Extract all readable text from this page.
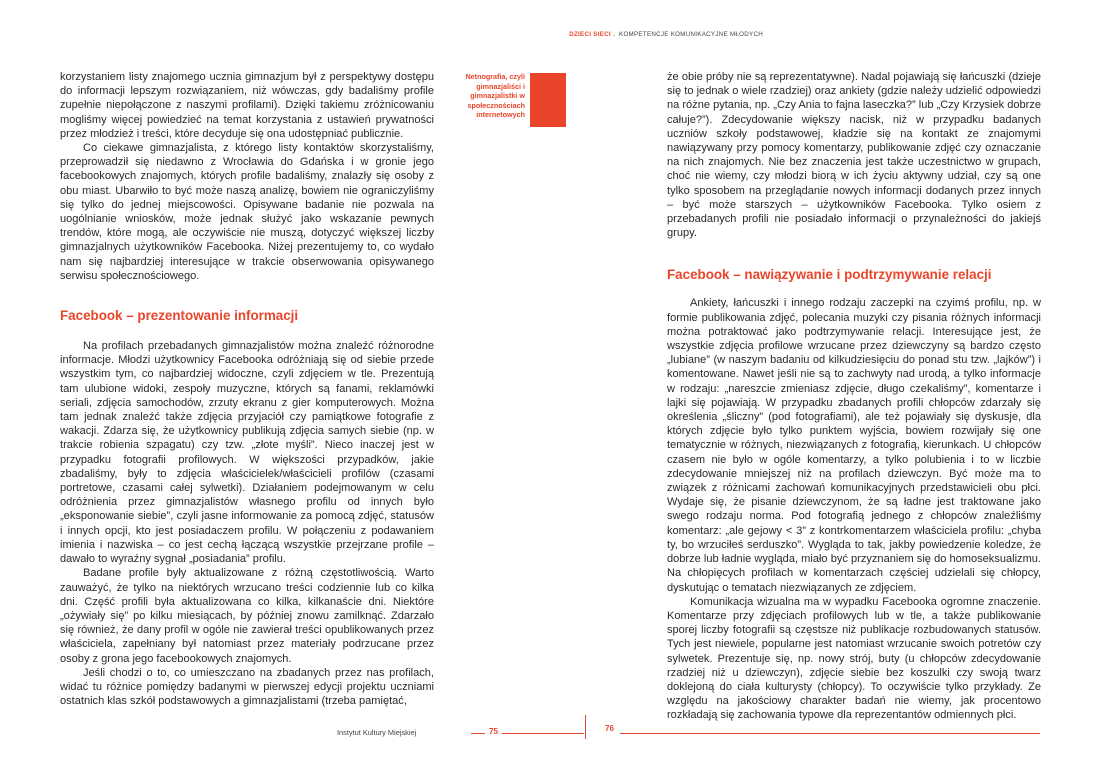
korzystaniem listy znajomego ucznia gimnazjum był z perspektywy dostępu do informacji lepszym rozwiązaniem, niż wówczas, gdy badaliśmy profile zupełnie niepołączone z naszymi profilami). Dzięki takiemu zróżnicowaniu mogliśmy więcej powiedzieć na temat korzystania z ustawień prywatności przez młodzież i treści, które decyduje się ona udostępniać publicznie.

Co ciekawe gimnazjalista, z którego listy kontaktów skorzystaliśmy, przeprowadził się niedawno z Wrocławia do Gdańska i w gronie jego facebookowych znajomych, których profile badaliśmy, znalazły się osoby z obu miast. Ubarwiło to być może naszą analizę, bowiem nie ograniczyliśmy się tylko do jednej miejscowości. Opisywane badanie nie pozwala na uogólnianie wniosków, może jednak służyć jako wskazanie pewnych trendów, które mogą, ale oczywiście nie muszą, dotyczyć większej liczby gimnazjalnych użytkowników Facebooka. Niżej prezentujemy to, co wydało nam się najbardziej interesujące w trakcie obserwowania opisywanego serwisu społecznościowego.

Facebook – prezentowanie informacji

Na profilach przebadanych gimnazjalistów można znaleźć różnorodne informacje. Młodzi użytkownicy Facebooka odróżniają się od siebie przede wszystkim tym, co najbardziej widoczne, czyli zdjęciem w tle. Prezentują tam ulubione widoki, zespoły muzyczne, których są fanami, reklamówki seriali, zdjęcia samochodów, zrzuty ekranu z gier komputerowych. Można tam jednak znaleźć także zdjęcia przyjaciół czy pamiątkowe fotografie z wakacji. Zdarza się, że użytkownicy publikują zdjęcia samych siebie (np. w trakcie robienia szpagatu) czy tzw. „złote myśli”. Nieco inaczej jest w przypadku fotografii profilowych. W większości przypadków, jakie zbadaliśmy, były to zdjęcia właścicielek/właścicieli profilów (czasami portretowe, czasami całej sylwetki). Działaniem podejmowanym w celu odróżnienia przez gimnazjalistów własnego profilu od innych było „eksponowanie siebie”, czyli jasne informowanie za pomocą zdjęć, statusów i innych opcji, kto jest posiadaczem profilu. W połączeniu z podawaniem imienia i nazwiska – co jest cechą łączącą wszystkie przejrzane profile – dawało to wyraźny sygnał „posiadania” profilu.

Badane profile były aktualizowane z różną częstotliwością. Warto zauważyć, że tylko na niektórych wrzucano treści codziennie lub co kilka dni. Część profili była aktualizowana co kilka, kilkanaście dni. Niektóre „ożywiały się” po kilku miesiącach, by później znowu zamilknąć. Zdarzało się również, że dany profil w ogóle nie zawierał treści opublikowanych przez właściciela, zapełniany był natomiast przez materiały podrzucane przez osoby z grona jego facebookowych znajomych.

Jeśli chodzi o to, co umieszczano na zbadanych przez nas profilach, widać tu różnice pomiędzy badanymi w pierwszej edycji projektu uczniami ostatnich klas szkół podstawowych a gimnazjalistami (trzeba pamiętać,

Netnografia, czyli gimnazjaliści i gimnazjalistki w społecznościach internetowych
Instytut Kultury Miejskiej	75
DZIECI SIECI . KOMPETENCJE KOMUNIKACYJNE MŁODYCH

że obie próby nie są reprezentatywne). Nadal pojawiają się łańcuszki (dzieje się to jednak o wiele rzadziej) oraz ankiety (gdzie należy udzielić odpowiedzi na różne pytania, np. „Czy Ania to fajna laseczka?” lub „Czy Krzysiek dobrze całuje?”). Zdecydowanie większy nacisk, niż w przypadku badanych uczniów szkoły podstawowej, kładzie się na kontakt ze znajomymi nawiązywany przy pomocy komentarzy, publikowanie zdjęć czy oznaczanie na nich znajomych. Nie bez znaczenia jest także uczestnictwo w grupach, choć nie wiemy, czy młodzi biorą w ich życiu aktywny udział, czy są one tylko sposobem na przeglądanie nowych informacji dodanych przez innych – być może starszych – użytkowników Facebooka. Tylko osiem z przebadanych profili nie posiadało informacji o przynależności do jakiejś grupy.

Facebook – nawiązywanie i podtrzymywanie relacji

Ankiety, łańcuszki i innego rodzaju zaczepki na czyimś profilu, np. w formie publikowania zdjęć, polecania muzyki czy pisania różnych informacji można potraktować jako podtrzymywanie relacji. Interesujące jest, że wszystkie zdjęcia profilowe wrzucane przez dziewczyny są bardzo często „lubiane” (w naszym badaniu od kilkudziesięciu do ponad stu tzw. „lajków”) i komentowane. Nawet jeśli nie są to zachwyty nad urodą, a tylko informacje w rodzaju: „nareszcie zmieniasz zdjęcie, długo czekaliśmy”, komentarze i lajki się pojawiają. W przypadku zbadanych profili chłopców zdarzały się określenia „śliczny” (pod fotografiami), ale też pojawiały się dyskusje, dla których zdjęcie było tylko punktem wyjścia, bowiem rozwijały się one tematycznie w różnych, niezwiązanych z fotografią, kierunkach. U chłopców czasem nie było w ogóle komentarzy, a tylko polubienia i to w liczbie zdecydowanie mniejszej niż na profilach dziewczyn. Być może ma to związek z różnicami zachowań komunikacyjnych przedstawicieli obu płci. Wydaje się, że pisanie dziewczynom, że są ładne jest traktowane jako swego rodzaju norma. Pod fotografią jednego z chłopców znaleźliśmy komentarz: „ale gejowy < 3” z kontrkomentarzem właściciela profilu: „chyba ty, bo wrzuciłeś serduszko”. Wygląda to tak, jakby powiedzenie koledze, że dobrze lub ładnie wygląda, miało być przyznaniem się do homoseksualizmu. Na chłopięcych profilach w komentarzach częściej udzielali się chłopcy, dyskutując o tematach niezwiązanych ze zdjęciem.

Komunikacja wizualna ma w wypadku Facebooka ogromne znaczenie. Komentarze przy zdjęciach profilowych lub w tle, a także publikowanie sporej liczby fotografii są częstsze niż publikacje rozbudowanych statusów. Tych jest niewiele, popularne jest natomiast wrzucanie swoich potretów czy sylwetek. Prezentuje się, np. nowy strój, buty (u chłopców zdecydowanie rzadziej niż u dziewczyn), zdjęcie siebie bez koszulki czy swoją twarz doklejoną do ciała kulturysty (chłopcy). To oczywiście tylko przykłady. Ze względu na jakościowy charakter badań nie wiemy, jak procentowo rozkładają się zachowania typowe dla reprezentantów odmiennych płci.

76
